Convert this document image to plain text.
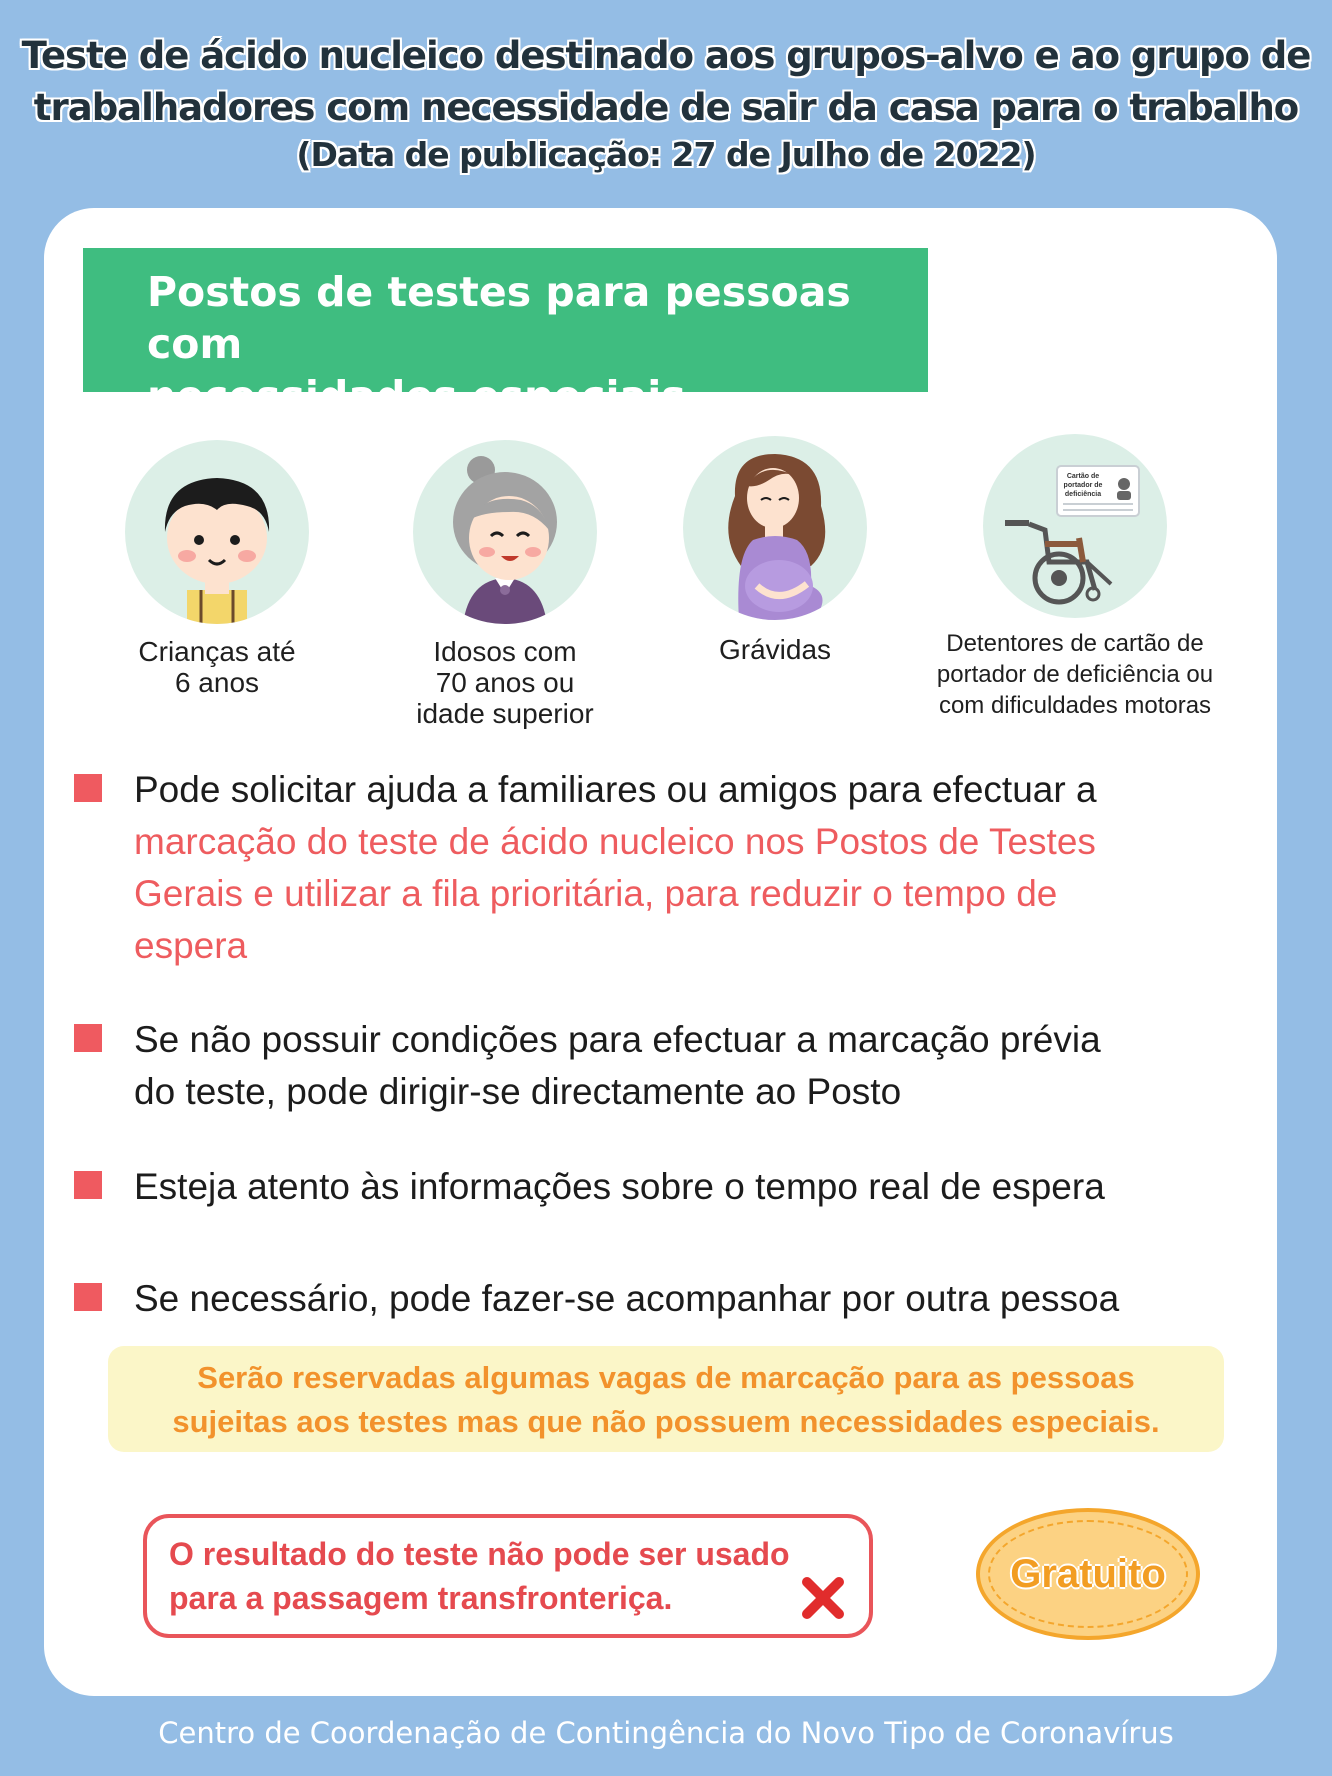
Teste de ácido nucleico destinado aos grupos-alvo e ao grupo de
trabalhadores com necessidade de sair da casa para o trabalho
(Data de publicação: 27 de Julho de 2022)
Postos de testes para pessoas com
necessidades especiais
Crianças até
6 anos
Idosos com
70 anos ou
idade superior
Grávidas
Cartão de
portador de
deficiência
Detentores de cartão de
portador de deficiência ou
com dificuldades motoras
Pode solicitar ajuda a familiares ou amigos para efectuar a
marcação do teste de ácido nucleico nos Postos de Testes
Gerais e utilizar a fila prioritária, para reduzir o tempo de
espera
Se não possuir condições para efectuar a marcação prévia
do teste, pode dirigir-se directamente ao Posto
Esteja atento às informações sobre o tempo real de espera
Se necessário, pode fazer-se acompanhar por outra pessoa
Serão reservadas algumas vagas de marcação para as pessoas
sujeitas aos testes mas que não possuem necessidades especiais.
O resultado do teste não pode ser usado
para a passagem transfronteriça.
Gratuito
Centro de Coordenação de Contingência do Novo Tipo de Coronavírus
